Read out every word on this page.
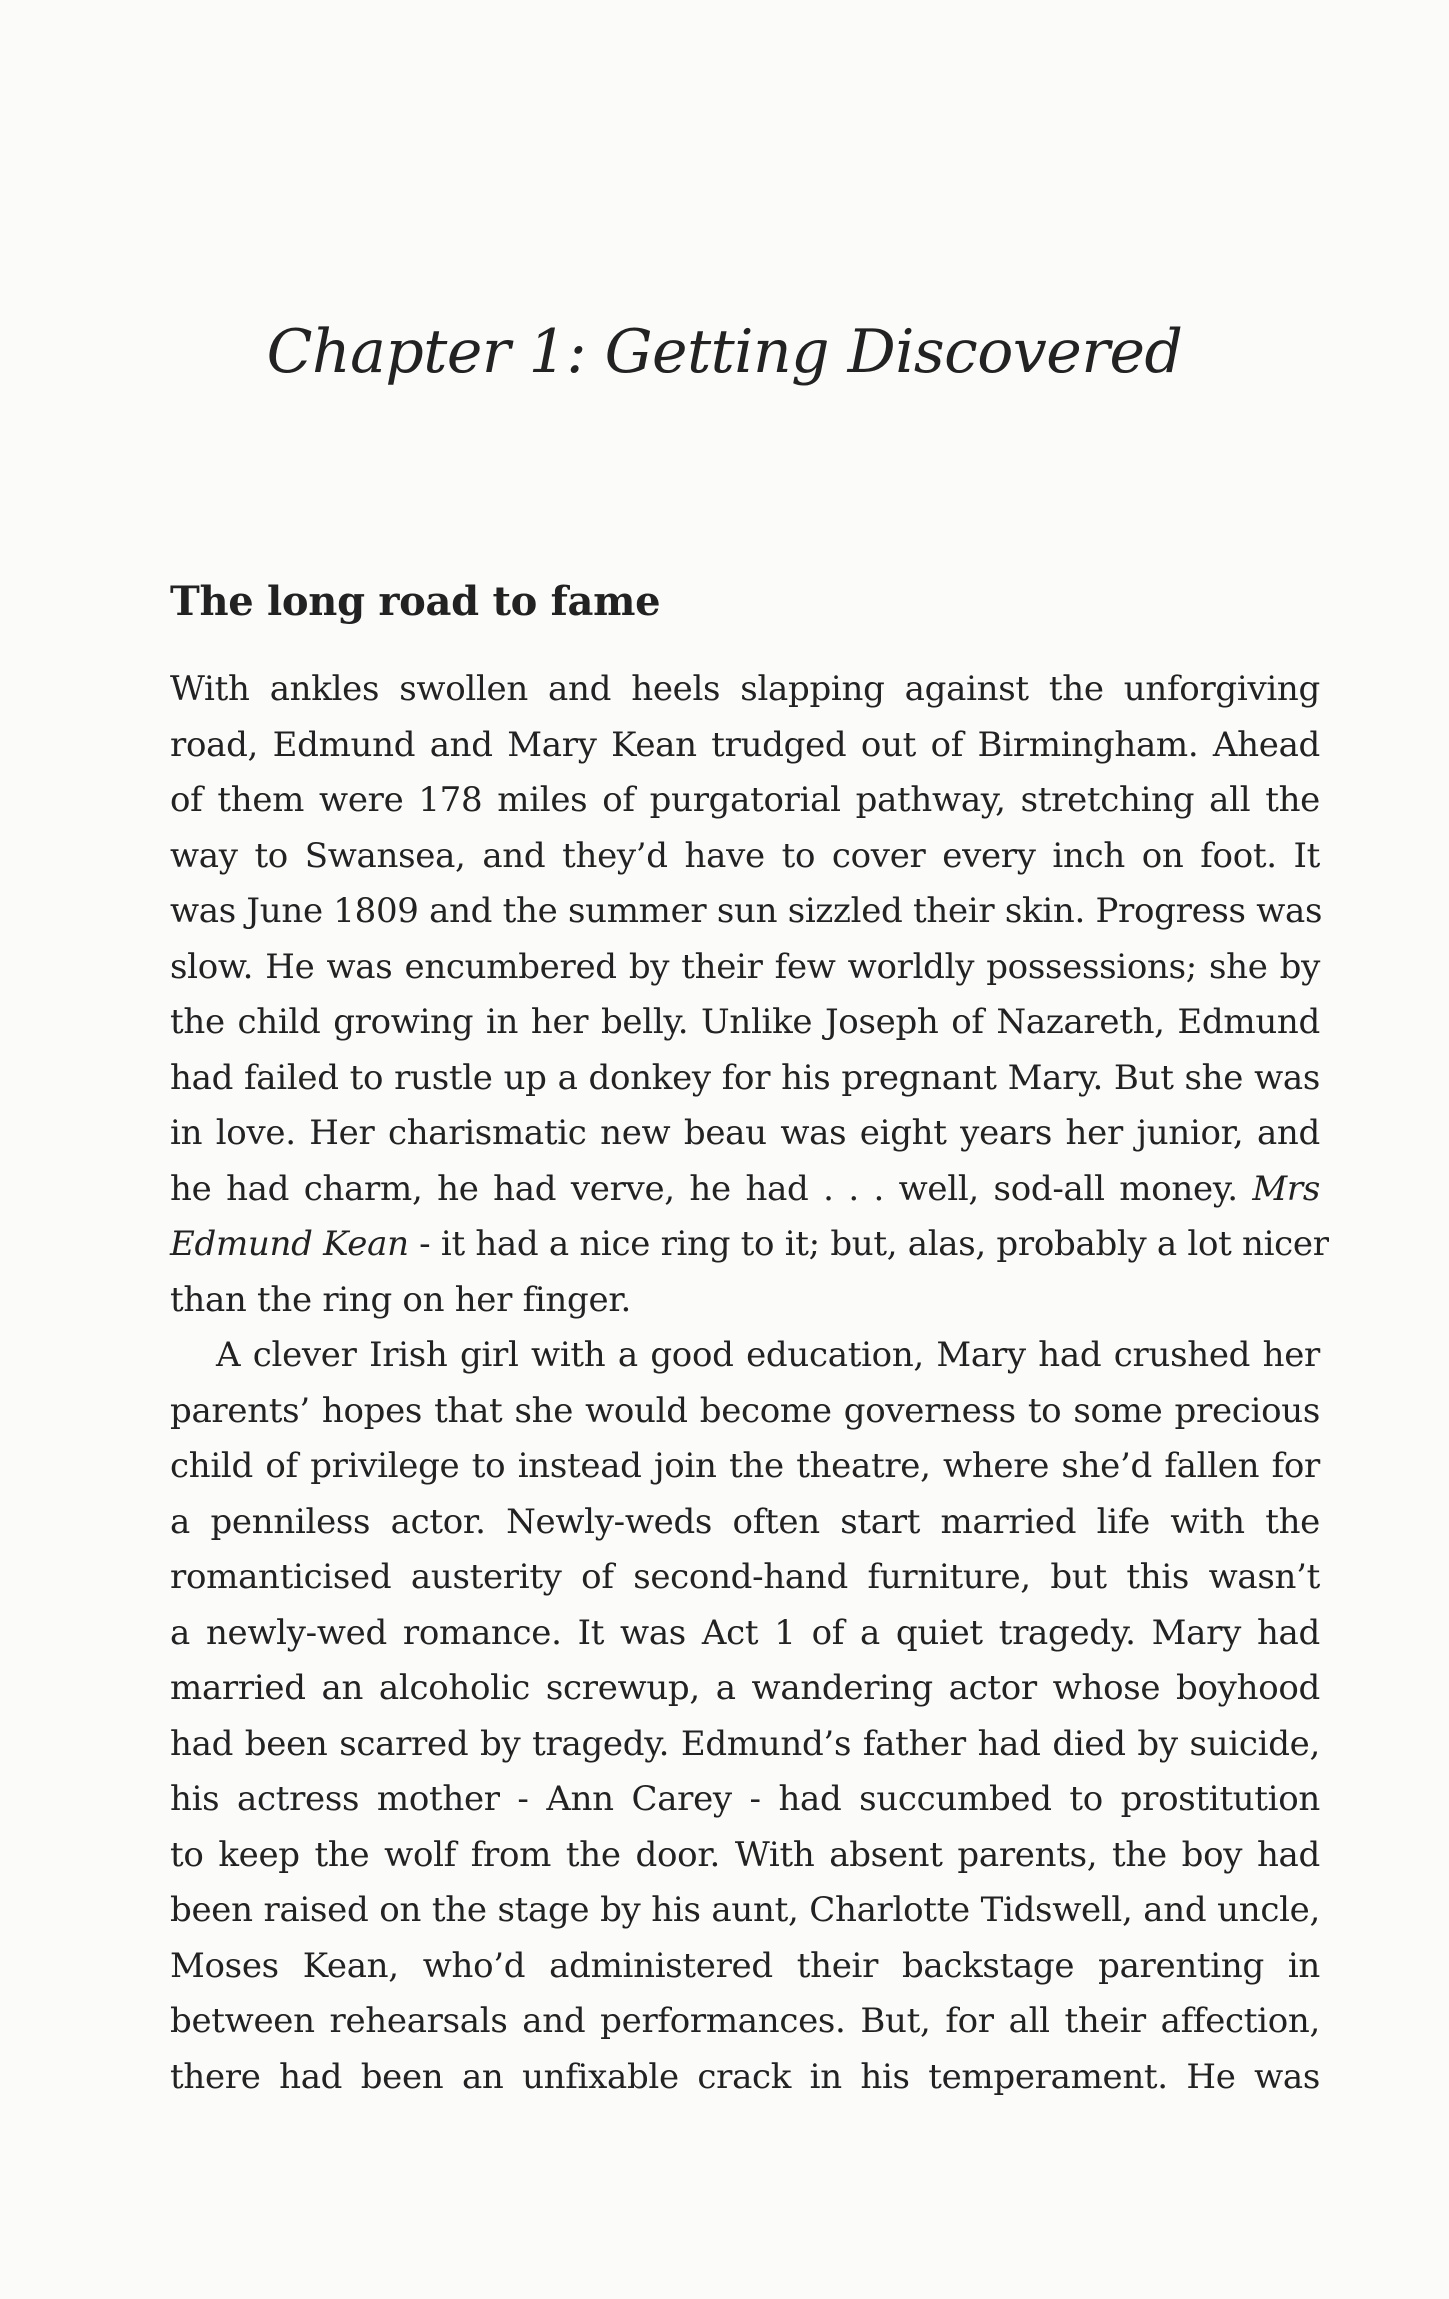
Chapter 1: Getting Discovered
The long road to fame
With ankles swollen and heels slapping against the unforgiving
road, Edmund and Mary Kean trudged out of Birmingham. Ahead
of them were 178 miles of purgatorial pathway, stretching all the
way to Swansea, and they’d have to cover every inch on foot. It
was June 1809 and the summer sun sizzled their skin. Progress was
slow. He was encumbered by their few worldly possessions; she by
the child growing in her belly. Unlike Joseph of Nazareth, Edmund
had failed to rustle up a donkey for his pregnant Mary. But she was
in love. Her charismatic new beau was eight years her junior, and
he had charm, he had verve, he had . . . well, sod-all money. Mrs
Edmund Kean - it had a nice ring to it; but, alas, probably a lot nicer
than the ring on her finger.
A clever Irish girl with a good education, Mary had crushed her
parents’ hopes that she would become governess to some precious
child of privilege to instead join the theatre, where she’d fallen for
a penniless actor. Newly-weds often start married life with the
romanticised austerity of second-hand furniture, but this wasn’t
a newly-wed romance. It was Act 1 of a quiet tragedy. Mary had
married an alcoholic screwup, a wandering actor whose boyhood
had been scarred by tragedy. Edmund’s father had died by suicide,
his actress mother - Ann Carey - had succumbed to prostitution
to keep the wolf from the door. With absent parents, the boy had
been raised on the stage by his aunt, Charlotte Tidswell, and uncle,
Moses Kean, who’d administered their backstage parenting in
between rehearsals and performances. But, for all their affection,
there had been an unfixable crack in his temperament. He was
